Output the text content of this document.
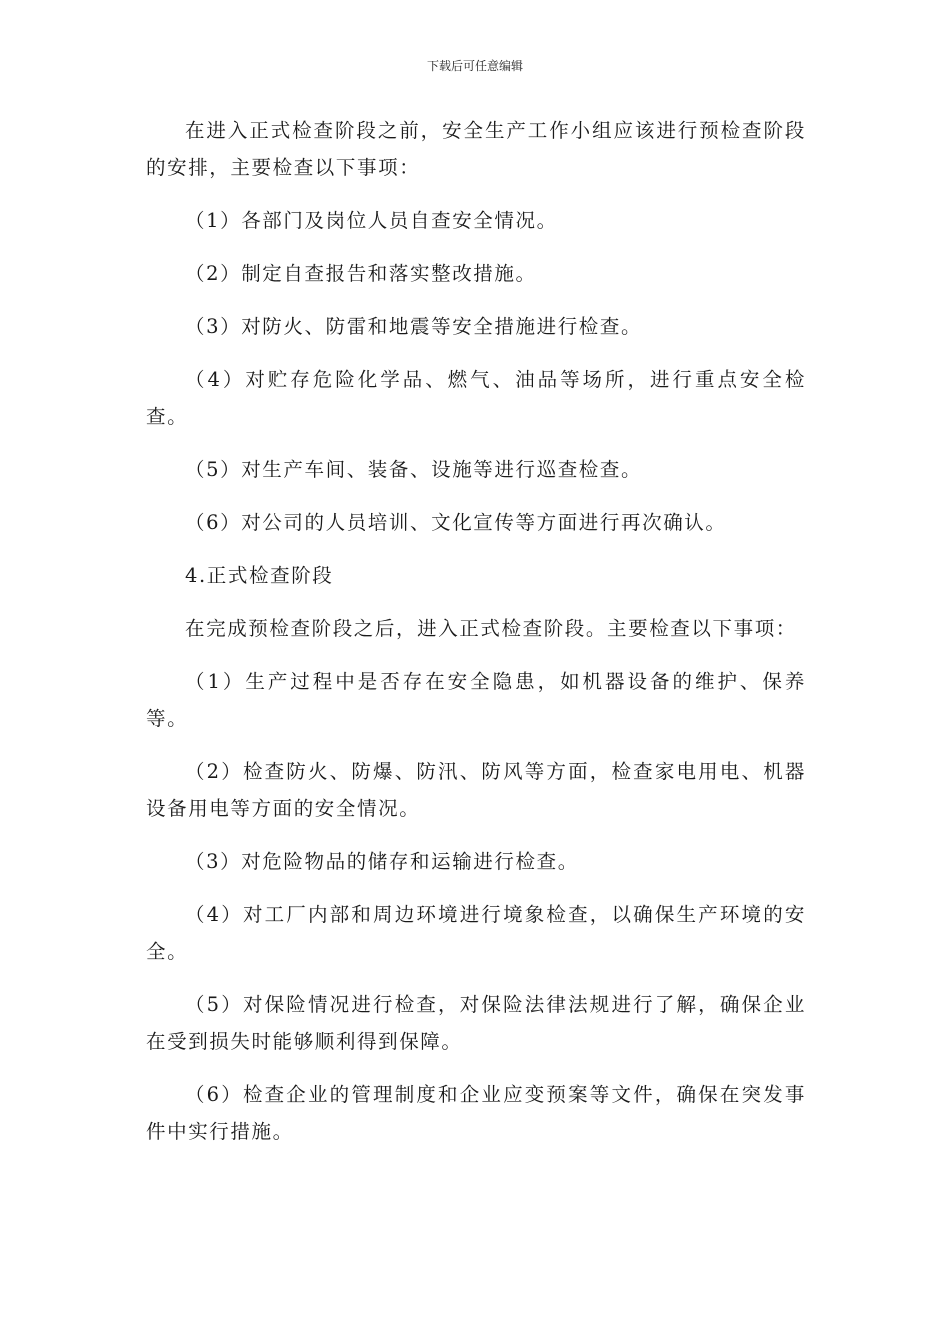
下载后可任意编辑

在进入正式检查阶段之前，安全生产工作小组应该进行预检查阶段的安排，主要检查以下事项：

（1）各部门及岗位人员自查安全情况。

（2）制定自查报告和落实整改措施。

（3）对防火、防雷和地震等安全措施进行检查。

（4）对贮存危险化学品、燃气、油品等场所，进行重点安全检查。

（5）对生产车间、装备、设施等进行巡查检查。

（6）对公司的人员培训、文化宣传等方面进行再次确认。

4.正式检查阶段

在完成预检查阶段之后，进入正式检查阶段。主要检查以下事项：

（1）生产过程中是否存在安全隐患，如机器设备的维护、保养等。

（2）检查防火、防爆、防汛、防风等方面，检查家电用电、机器设备用电等方面的安全情况。

（3）对危险物品的储存和运输进行检查。

（4）对工厂内部和周边环境进行境象检查，以确保生产环境的安全。

（5）对保险情况进行检查，对保险法律法规进行了解，确保企业在受到损失时能够顺利得到保障。

（6）检查企业的管理制度和企业应变预案等文件，确保在突发事件中实行措施。
